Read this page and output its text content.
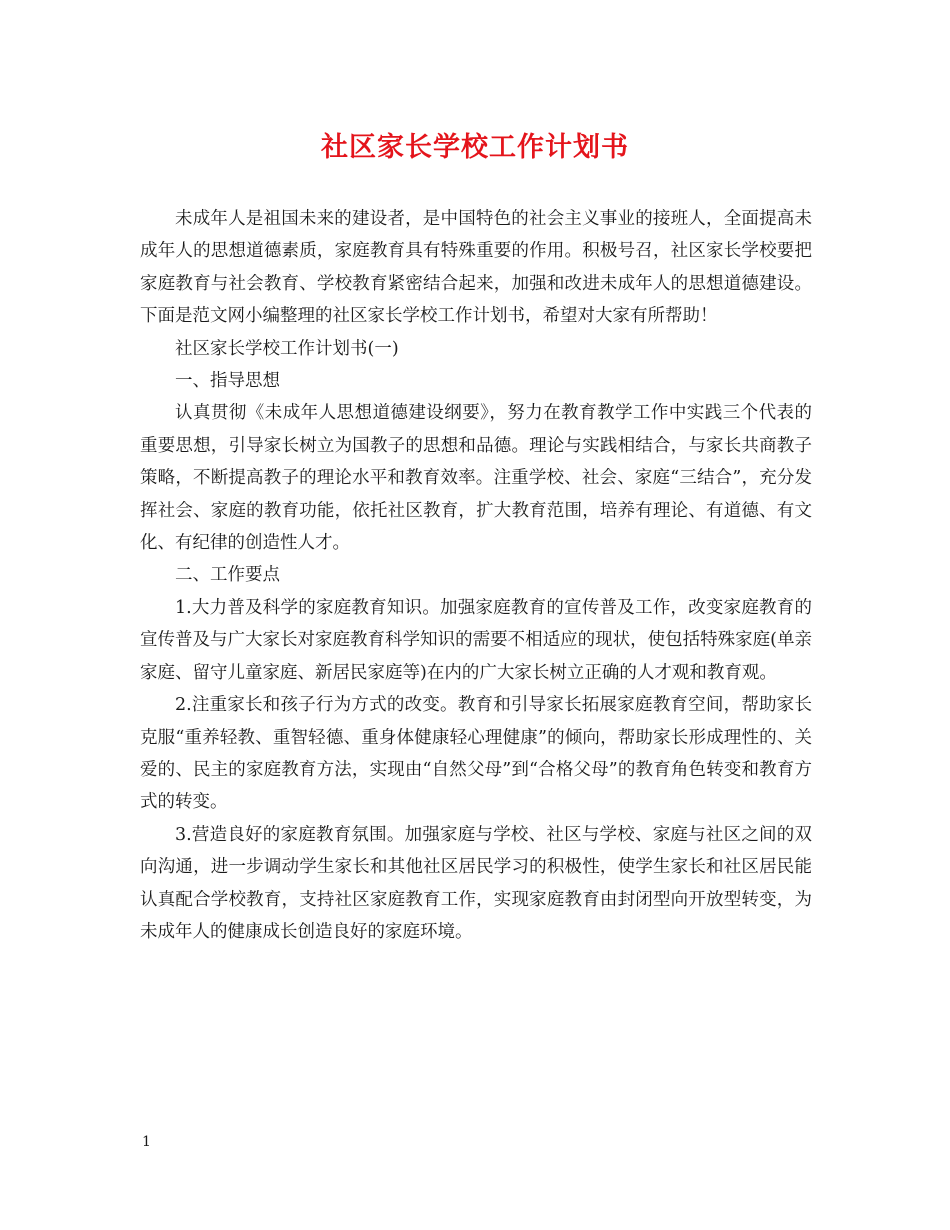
社区家长学校工作计划书

未成年人是祖国未来的建设者，是中国特色的社会主义事业的接班人，全面提高未成年人的思想道德素质，家庭教育具有特殊重要的作用。积极号召，社区家长学校要把家庭教育与社会教育、学校教育紧密结合起来，加强和改进未成年人的思想道德建设。下面是范文网小编整理的社区家长学校工作计划书，希望对大家有所帮助！

社区家长学校工作计划书(一)

一、指导思想

认真贯彻《未成年人思想道德建设纲要》，努力在教育教学工作中实践三个代表的重要思想，引导家长树立为国教子的思想和品德。理论与实践相结合，与家长共商教子策略，不断提高教子的理论水平和教育效率。注重学校、社会、家庭“三结合”，充分发挥社会、家庭的教育功能，依托社区教育，扩大教育范围，培养有理论、有道德、有文化、有纪律的创造性人才。

二、工作要点

1.大力普及科学的家庭教育知识。加强家庭教育的宣传普及工作，改变家庭教育的宣传普及与广大家长对家庭教育科学知识的需要不相适应的现状，使包括特殊家庭(单亲家庭、留守儿童家庭、新居民家庭等)在内的广大家长树立正确的人才观和教育观。

2.注重家长和孩子行为方式的改变。教育和引导家长拓展家庭教育空间，帮助家长克服“重养轻教、重智轻德、重身体健康轻心理健康”的倾向，帮助家长形成理性的、关爱的、民主的家庭教育方法，实现由“自然父母”到“合格父母”的教育角色转变和教育方式的转变。

3.营造良好的家庭教育氛围。加强家庭与学校、社区与学校、家庭与社区之间的双向沟通，进一步调动学生家长和其他社区居民学习的积极性，使学生家长和社区居民能认真配合学校教育，支持社区家庭教育工作，实现家庭教育由封闭型向开放型转变，为未成年人的健康成长创造良好的家庭环境。

1
